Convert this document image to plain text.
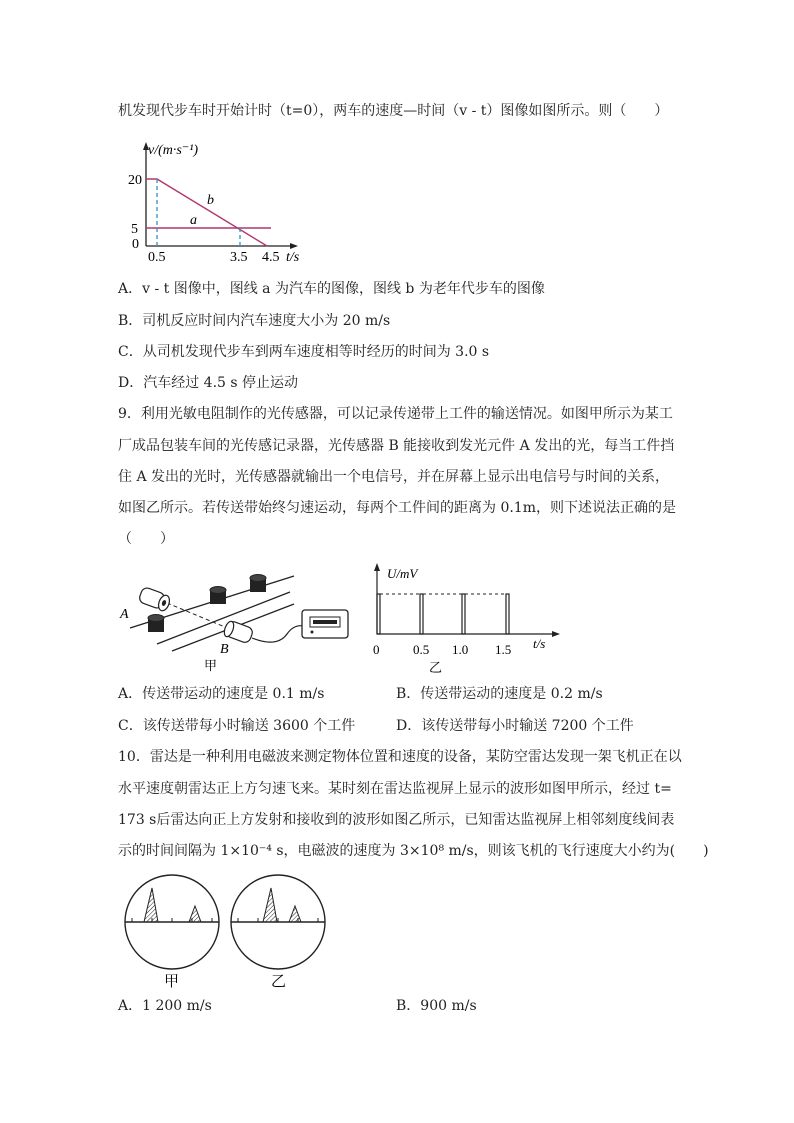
机发现代步车时开始计时（t=0），两车的速度—时间（v - t）图像如图所示。则（　　）
v/(m·s⁻¹)
20
5
0
0.5	3.5 4.5 t/s
b
a
A．v - t 图像中，图线 a 为汽车的图像，图线 b 为老年代步车的图像
B．司机反应时间内汽车速度大小为 20 m/s
C．从司机发现代步车到两车速度相等时经历的时间为 3.0 s
D．汽车经过 4.5 s 停止运动
9．利用光敏电阻制作的光传感器，可以记录传递带上工件的输送情况。如图甲所示为某工
厂成品包装车间的光传感记录器，光传感器 B 能接收到发光元件 A 发出的光，每当工件挡
住 A 发出的光时，光传感器就输出一个电信号，并在屏幕上显示出电信号与时间的关系，
如图乙所示。若传送带始终匀速运动，每两个工件间的距离为 0.1m，则下述说法正确的是
（　　）
A
B
甲
U/mV
t/s
0	0.5 1.0 1.5
乙
A．传送带运动的速度是 0.1 m/s	B．传送带运动的速度是 0.2 m/s
C．该传送带每小时输送 3600 个工件	D．该传送带每小时输送 7200 个工件
10．雷达是一种利用电磁波来测定物体位置和速度的设备，某防空雷达发现一架飞机正在以
水平速度朝雷达正上方匀速飞来。某时刻在雷达监视屏上显示的波形如图甲所示，经过 t=
173 s后雷达向正上方发射和接收到的波形如图乙所示，已知雷达监视屏上相邻刻度线间表
示的时间间隔为 1×10⁻⁴ s，电磁波的速度为 3×10⁸ m/s，则该飞机的飞行速度大小约为(　　)
甲	乙
A．1 200 m/s	B．900 m/s
